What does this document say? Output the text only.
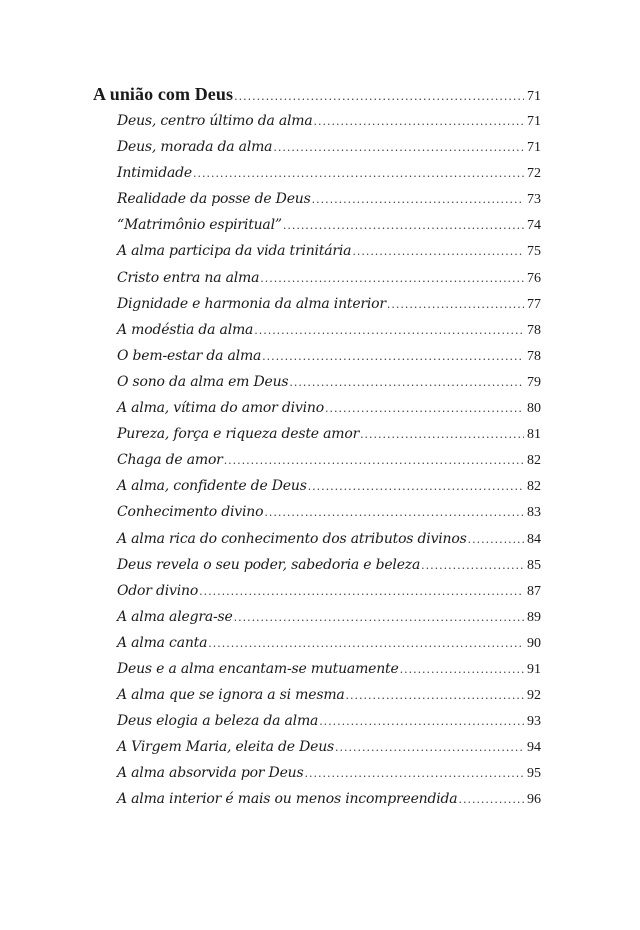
A união com Deus .....	71
Deus, centro último da alma .....	71
Deus, morada da alma .....	71
Intimidade .....	72
Realidade da posse de Deus .....	73
“Matrimônio espiritual” .....	74
A alma participa da vida trinitária .....	75
Cristo entra na alma .....	76
Dignidade e harmonia da alma interior .....	77
A modéstia da alma .....	78
O bem-estar da alma .....	78
O sono da alma em Deus .....	79
A alma, vítima do amor divino .....	80
Pureza, força e riqueza deste amor .....	81
Chaga de amor .....	82
A alma, confidente de Deus .....	82
Conhecimento divino .....	83
A alma rica do conhecimento dos atributos divinos .....	84
Deus revela o seu poder, sabedoria e beleza .....	85
Odor divino .....	87
A alma alegra-se .....	89
A alma canta .....	90
Deus e a alma encantam-se mutuamente .....	91
A alma que se ignora a si mesma .....	92
Deus elogia a beleza da alma .....	93
A Virgem Maria, eleita de Deus .....	94
A alma absorvida por Deus .....	95
A alma interior é mais ou menos incompreendida .....	96
